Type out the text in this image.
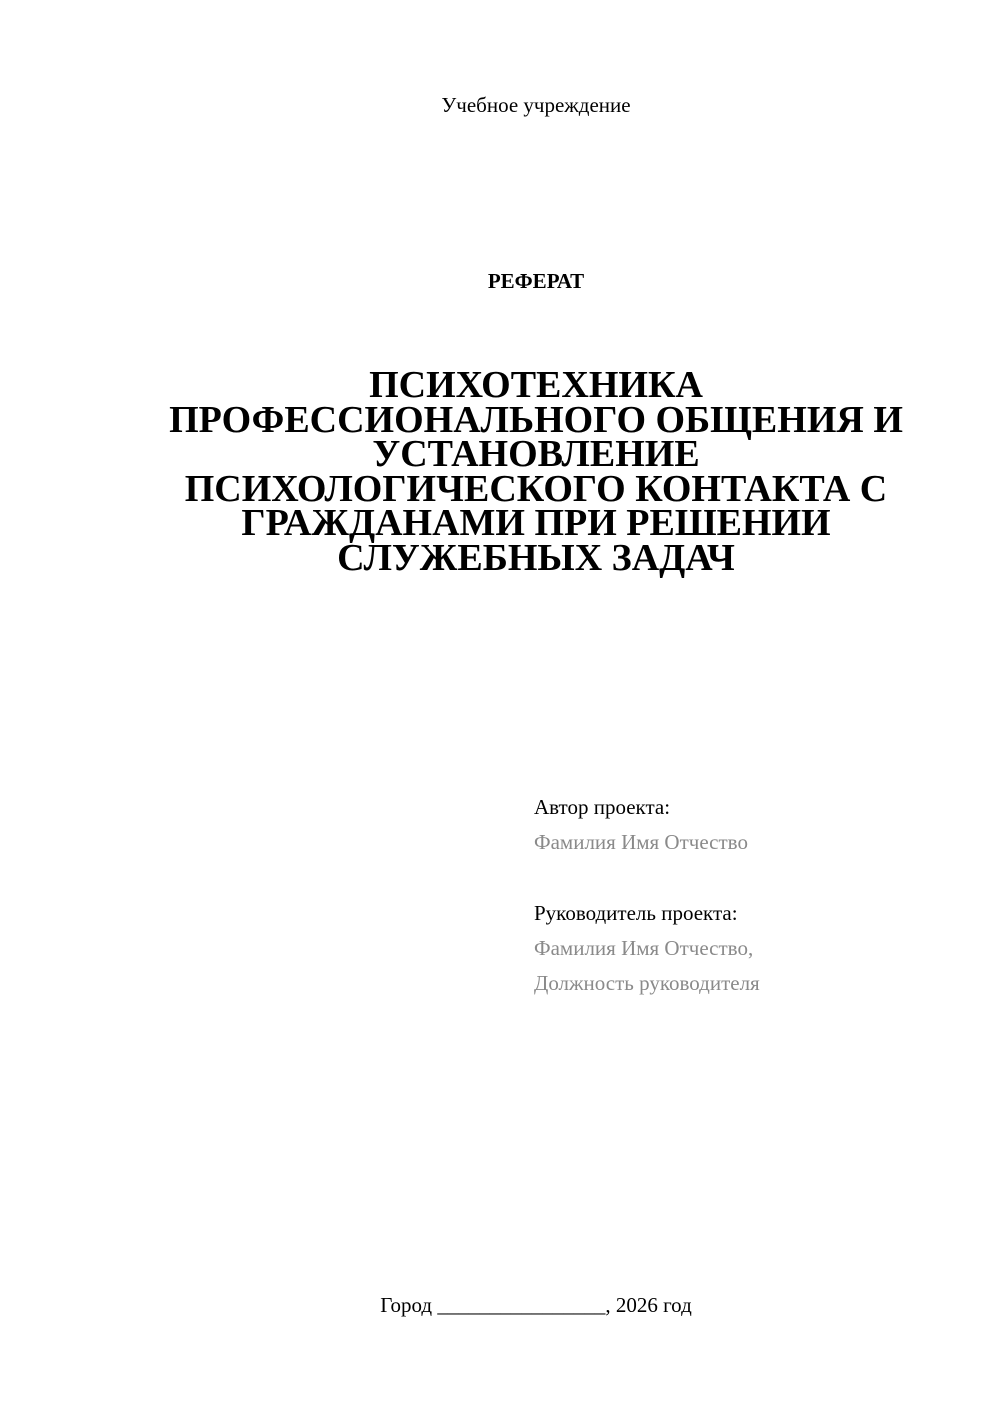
Учебное учреждение
РЕФЕРАТ
ПСИХОТЕХНИКА
ПРОФЕССИОНАЛЬНОГО ОБЩЕНИЯ И
УСТАНОВЛЕНИЕ
ПСИХОЛОГИЧЕСКОГО КОНТАКТА С
ГРАЖДАНАМИ ПРИ РЕШЕНИИ
СЛУЖЕБНЫХ ЗАДАЧ
Автор проекта:
Фамилия Имя Отчество
Руководитель проекта:
Фамилия Имя Отчество,
Должность руководителя
Город ________________, 2026 год
